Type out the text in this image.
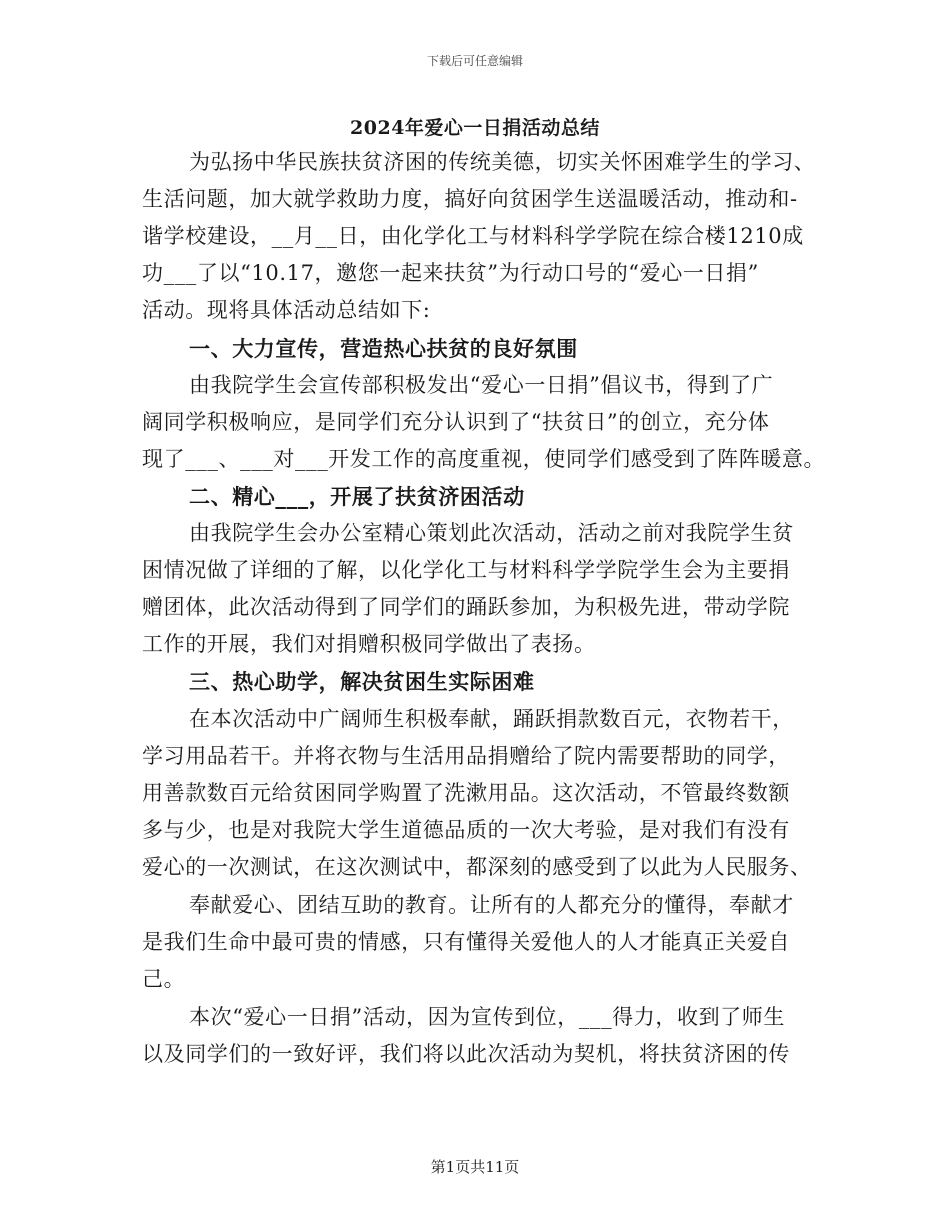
下载后可任意编辑
2024年爱心一日捐活动总结
为弘扬中华民族扶贫济困的传统美德，切实关怀困难学生的学习、
生活问题，加大就学救助力度，搞好向贫困学生送温暖活动，推动和-
谐学校建设，__月__日，由化学化工与材料科学学院在综合楼1210成
功___了以“10.17，邀您一起来扶贫”为行动口号的“爱心一日捐”
活动。现将具体活动总结如下:
一、大力宣传，营造热心扶贫的良好氛围
由我院学生会宣传部积极发出“爱心一日捐”倡议书，得到了广
阔同学积极响应，是同学们充分认识到了“扶贫日”的创立，充分体
现了___、___对___开发工作的高度重视，使同学们感受到了阵阵暖意。
二、精心___，开展了扶贫济困活动
由我院学生会办公室精心策划此次活动，活动之前对我院学生贫
困情况做了详细的了解，以化学化工与材料科学学院学生会为主要捐
赠团体，此次活动得到了同学们的踊跃参加，为积极先进，带动学院
工作的开展，我们对捐赠积极同学做出了表扬。
三、热心助学，解决贫困生实际困难
在本次活动中广阔师生积极奉献，踊跃捐款数百元，衣物若干，
学习用品若干。并将衣物与生活用品捐赠给了院内需要帮助的同学，
用善款数百元给贫困同学购置了洗漱用品。这次活动，不管最终数额
多与少，也是对我院大学生道德品质的一次大考验，是对我们有没有
爱心的一次测试，在这次测试中，都深刻的感受到了以此为人民服务、
奉献爱心、团结互助的教育。让所有的人都充分的懂得，奉献才
是我们生命中最可贵的情感，只有懂得关爱他人的人才能真正关爱自
己。
本次“爱心一日捐”活动，因为宣传到位，___得力，收到了师生
以及同学们的一致好评，我们将以此次活动为契机，将扶贫济困的传
第1页共11页
